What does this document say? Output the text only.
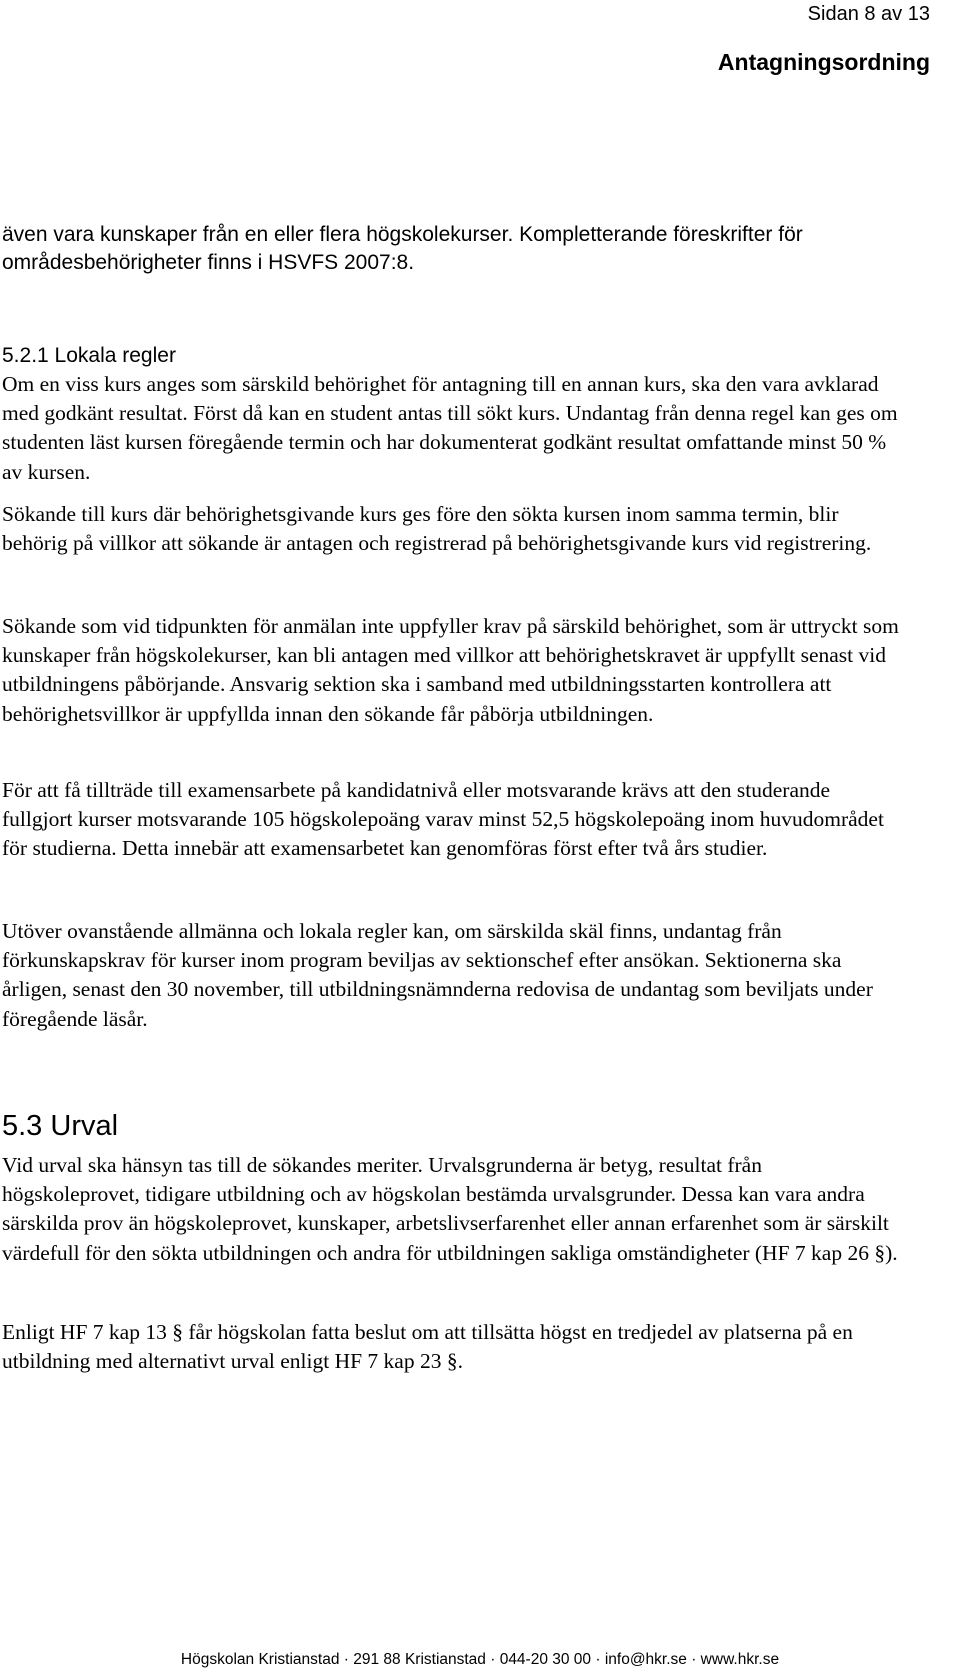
Sidan 8 av 13
Antagningsordning

även vara kunskaper från en eller flera högskolekurser. Kompletterande föreskrifter för områdesbehörigheter finns i HSVFS 2007:8.

5.2.1 Lokala regler

Om en viss kurs anges som särskild behörighet för antagning till en annan kurs, ska den vara avklarad med godkänt resultat. Först då kan en student antas till sökt kurs. Undantag från denna regel kan ges om studenten läst kursen föregående termin och har dokumenterat godkänt resultat omfattande minst 50 % av kursen.

Sökande till kurs där behörighetsgivande kurs ges före den sökta kursen inom samma termin, blir behörig på villkor att sökande är antagen och registrerad på behörighetsgivande kurs vid registrering.

Sökande som vid tidpunkten för anmälan inte uppfyller krav på särskild behörighet, som är uttryckt som kunskaper från högskolekurser, kan bli antagen med villkor att behörighetskravet är uppfyllt senast vid utbildningens påbörjande. Ansvarig sektion ska i samband med utbildningsstarten kontrollera att behörighetsvillkor är uppfyllda innan den sökande får påbörja utbildningen.

För att få tillträde till examensarbete på kandidatnivå eller motsvarande krävs att den studerande fullgjort kurser motsvarande 105 högskolepoäng varav minst 52,5 högskolepoäng inom huvudområdet för studierna. Detta innebär att examensarbetet kan genomföras först efter två års studier.

Utöver ovanstående allmänna och lokala regler kan, om särskilda skäl finns, undantag från förkunskapskrav för kurser inom program beviljas av sektionschef efter ansökan. Sektionerna ska årligen, senast den 30 november, till utbildningsnämnderna redovisa de undantag som beviljats under föregående läsår.

5.3 Urval

Vid urval ska hänsyn tas till de sökandes meriter. Urvalsgrunderna är betyg, resultat från högskoleprovet, tidigare utbildning och av högskolan bestämda urvalsgrunder. Dessa kan vara andra särskilda prov än högskoleprovet, kunskaper, arbetslivserfarenhet eller annan erfarenhet som är särskilt värdefull för den sökta utbildningen och andra för utbildningen sakliga omständigheter (HF 7 kap 26 §).

Enligt HF 7 kap 13 § får högskolan fatta beslut om att tillsätta högst en tredjedel av platserna på en utbildning med alternativt urval enligt HF 7 kap 23 §.

Högskolan Kristianstad · 291 88 Kristianstad · 044-20 30 00 · info@hkr.se · www.hkr.se
